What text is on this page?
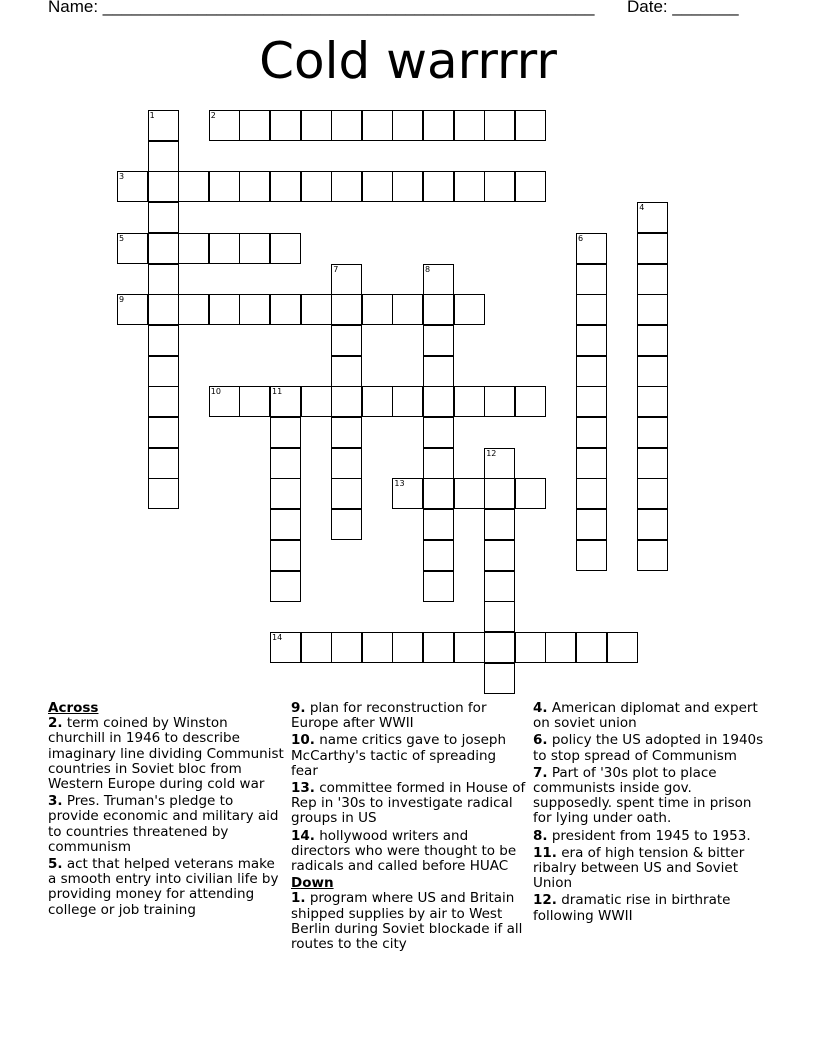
Name: ____________________________________________________ Date: _______
Cold warrrrr
1	2
3
4
5	6
7	8
9
10	11
12
13
14
Across
2. term coined by Winston churchill in 1946 to describe imaginary line dividing Communist countries in Soviet bloc from Western Europe during cold war
3. Pres. Truman's pledge to provide economic and military aid to countries threatened by communism
5. act that helped veterans make a smooth entry into civilian life by providing money for attending college or job training
9. plan for reconstruction for Europe after WWII
10. name critics gave to joseph McCarthy's tactic of spreading fear
13. committee formed in House of Rep in '30s to investigate radical groups in US
14. hollywood writers and directors who were thought to be radicals and called before HUAC
Down
1. program where US and Britain shipped supplies by air to West Berlin during Soviet blockade if all routes to the city
4. American diplomat and expert on soviet union
6. policy the US adopted in 1940s to stop spread of Communism
7. Part of '30s plot to place communists inside gov. supposedly. spent time in prison for lying under oath.
8. president from 1945 to 1953.
11. era of high tension & bitter ribalry between US and Soviet Union
12. dramatic rise in birthrate following WWII
